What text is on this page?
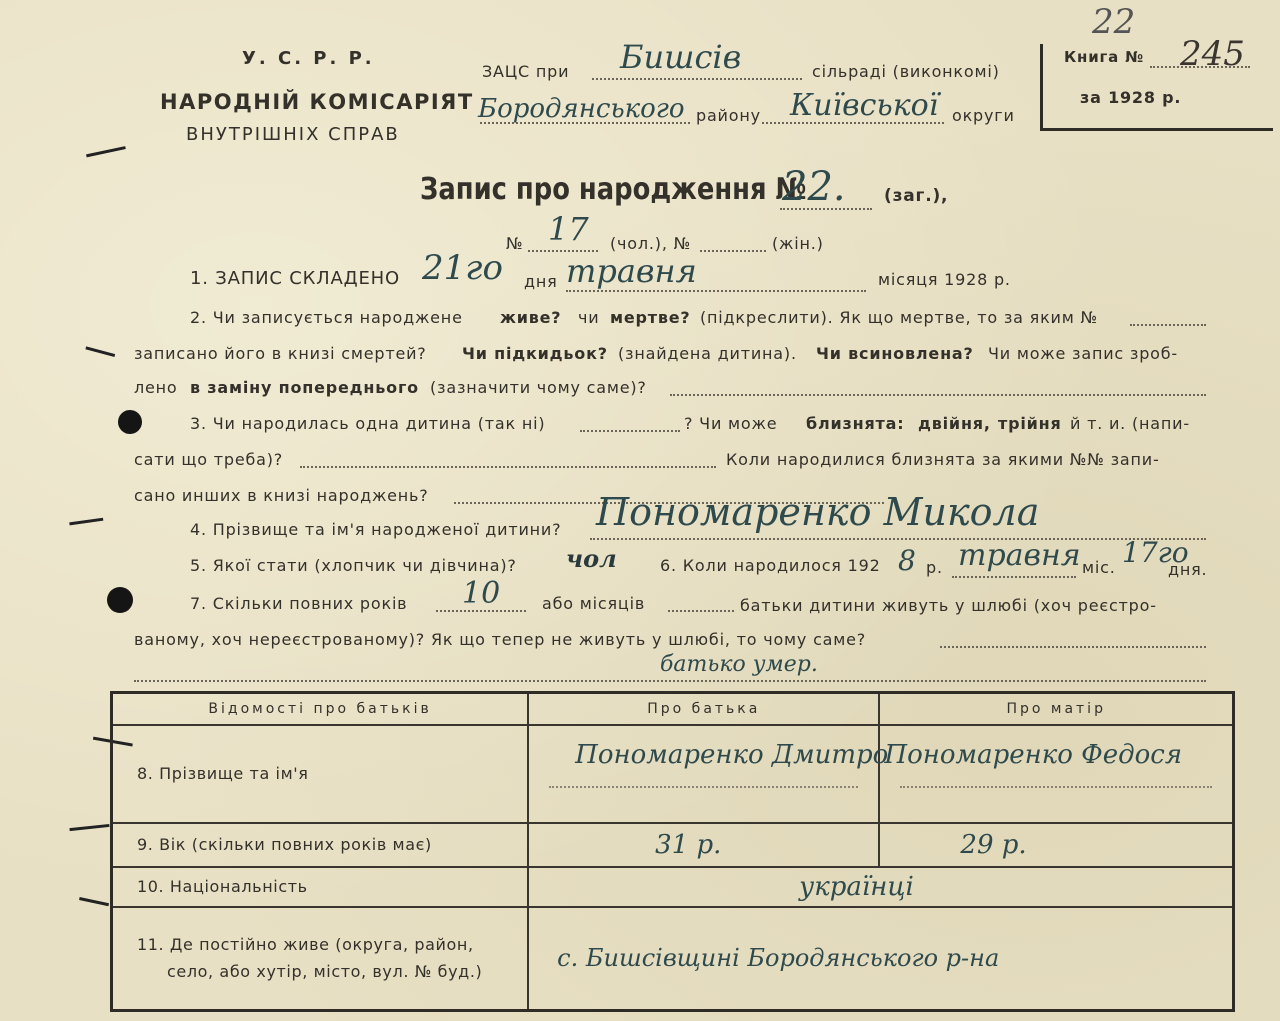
У. С. Р. Р.
НАРОДНІЙ КОМІСАРІЯТ
ВНУТРІШНІХ СПРАВ
ЗАЦС при Бишсів	сільраді (виконкомі)
Бородянського району Київської округи
22
Книга № 245
за 1928 р.
Запис про народження №
22. (заг.),
№ 17 (чол.), №	(жін.)
1. ЗАПИС СКЛАДЕНО 21го дня травня	місяця 1928 р.
2. Чи записується народжене живе? чи мертве? (підкреслити). Як що мертве, то за яким №
записано його в книзі смертей? Чи підкидьок? (знайдена дитина). Чи всиновлена? Чи може запис зроб-
лено в заміну попереднього (зазначити чому саме)?
3. Чи народилась одна дитина (так ні)	? Чи може близнята: двійня, трійня й т. и. (напи-
сати що треба)?	Коли народилися близнята за якими №№ запи-
сано инших в книзі народжень?
4. Прізвище та ім'я народженої дитини? Пономаренко Микола
5. Якої стати (хлопчик чи дівчина)? чол	6. Коли народилося 192 8 р. травня міс. 17го
дня.
7. Скільки повних років 10	або місяців	батьки дитини живуть у шлюбі (хоч реєстро-
ваному, хоч нереєстрованому)? Як що тепер не живуть у шлюбі, то чому саме?
батько умер.
Відомості про батьків	Про батька	Про матір

8. Прізвище та ім'я	Пономаренко Дмитро	Пономаренко Федося

9. Вік (скільки повних років має)	31 р.	29 р.

10. Національність	українці	

11. Де постійно живе (округа, район,
село, або хутір, місто, вул. № буд.)	с. Бишсівщині Бородянського р-на	
